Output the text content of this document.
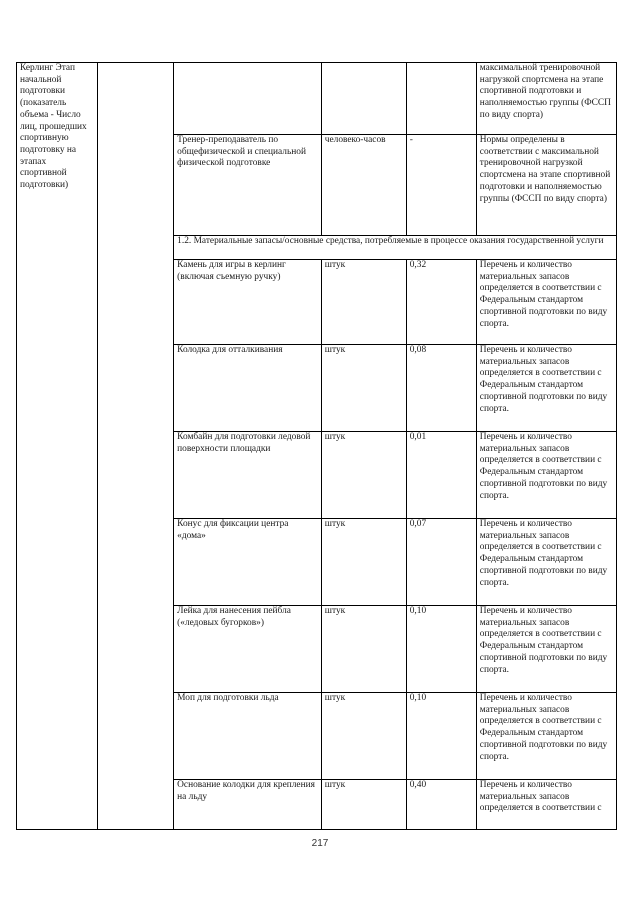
Керлинг Этап начальной подготовки (показатель объема - Число лиц, прошедших спортивную подготовку на этапах спортивной подготовки)					максимальной тренировочной нагрузкой спортсмена на этапе спортивной подготовки и наполняемостью группы (ФССП по виду спорта)
		Тренер-преподаватель по общефизической и специальной физической подготовке	человеко-часов	-	Нормы определены в соответствии с максимальной тренировочной нагрузкой спортсмена на этапе спортивной подготовки и наполняемостью группы (ФССП по виду спорта)
		1.2. Материальные запасы/основные средства, потребляемые в процессе оказания государственной услуги			
		Камень для игры в керлинг (включая съемную ручку)	штук	0,32	Перечень и количество материальных запасов определяется в соответствии с Федеральным стандартом спортивной подготовки по виду спорта.
		Колодка для отталкивания	штук	0,08	Перечень и количество материальных запасов определяется в соответствии с Федеральным стандартом спортивной подготовки по виду спорта.
		Комбайн для подготовки ледовой поверхности площадки	штук	0,01	Перечень и количество материальных запасов определяется в соответствии с Федеральным стандартом спортивной подготовки по виду спорта.
		Конус для фиксации центра «дома»	штук	0,07	Перечень и количество материальных запасов определяется в соответствии с Федеральным стандартом спортивной подготовки по виду спорта.
		Лейка для нанесения пейбла («ледовых бугорков»)	штук	0,10	Перечень и количество материальных запасов определяется в соответствии с Федеральным стандартом спортивной подготовки по виду спорта.
		Моп для подготовки льда	штук	0,10	Перечень и количество материальных запасов определяется в соответствии с Федеральным стандартом спортивной подготовки по виду спорта.
		Основание колодки для крепления на льду	штук	0,40	Перечень и количество материальных запасов определяется в соответствии с
217
